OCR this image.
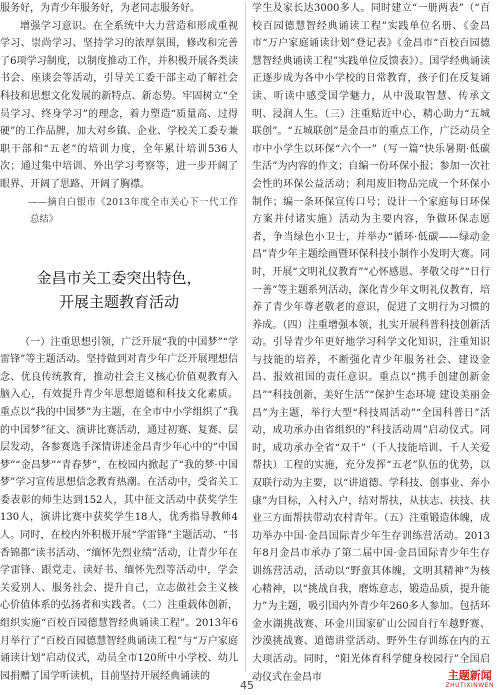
服务好，为青少年服务好，为老同志服务好。

增强学习意识。在全系统中大力营造和形成重视学习、崇尚学习、坚持学习的浓厚氛围，修改和完善了6项学习制度，以制度推动工作，并积极开展各类读书会、座谈会等活动，引导关工委干部主动了解社会科技和思想文化发展的新特点、新态势。牢固树立“全员学习、终身学习”的理念，着力塑造“质量高、过得硬”的工作品牌，加大对乡镇、企业、学校关工委专兼职干部和“五老”的培训力度，全年累计培训536人次；通过集中培训、外出学习考察等，进一步开阔了眼界、开阔了思路、开阔了胸襟。

——摘自白银市《2013年度全市关心下一代工作总结》

金昌市关工委突出特色，
开展主题教育活动

（一）注重思想引领，广泛开展“我的中国梦”“学雷锋”等主题活动。坚持做到对青少年广泛开展理想信念、优良传统教育，推动社会主义核心价值观教育入脑入心，有效提升青少年思想道德和科技文化素质。重点以“我的中国梦”为主题，在全市中小学组织了“我的中国梦”征文、演讲比赛活动，通过初赛、复赛、层层发动，各参赛选手深情讲述金昌青少年心中的“中国梦”“金昌梦”“青春梦”，在校园内掀起了“我的梦·中国梦”学习宣传思想信念教育热潮。在活动中，受省关工委表彰的师生达到152人，其中征文活动中获奖学生130人，演讲比赛中获奖学生18人，优秀指导教师4人。同时，在校内外积极开展“学雷锋”主题活动、“书香锦都”读书活动、“缅怀先烈业绩”活动，让青少年在学雷锋、跟党走、读好书、缅怀先烈等活动中，学会关爱别人、服务社会、提升自己，立志做社会主义核心价值体系的弘扬者和实践者。（二）注重载体创新，组织实施“百校百园德慧智经典诵读工程”。2013年6月举行了“百校百园德慧智经典诵读工程”与“万户家庭诵读计划”启动仪式，动员全市120所中小学校、幼儿园捐赠了国学听读机，目前坚持开展经典诵读的

学生及家长达3000多人。同时建立“一册两表”（“百校百园德慧智经典诵读工程”实践单位名册、《金昌市“万户家庭诵读计划”登记表》《金昌市“百校百园德慧智经典诵读工程”实践单位反馈表》）。国学经典诵读正逐步成为各中小学校的日常教育，孩子们在反复诵读、听读中感受国学魅力，从中汲取智慧、传承文明、浸润人生。（三）注重贴近中心，精心助力“五城联创”。“五城联创”是金昌市的重点工作，广泛动员全市中小学生以环保“六个一”（写一篇“快乐暑期·低碳生活”为内容的作文；自编一份环保小报；参加一次社会性的环保公益活动；利用废旧物品完成一个环保小制作；编一条环保宣传口号；设计一个家庭每日环保方案并付诸实施）活动为主要内容，争做环保志愿者，争当绿色小卫士，并举办“循环·低碳——绿动金昌”青少年主题绘画暨环保科技小制作小发明大赛。同时，开展“文明礼仪教育”“心怀感恩、孝敬父母”“日行一善”等主题系列活动，深化青少年文明礼仪教育，培养了青少年尊老敬老的意识，促进了文明行为习惯的养成。（四）注重增强本领，扎实开展科普科技创新活动。引导青少年更好地学习科学文化知识，注重知识与技能的培养，不断强化青少年服务社会、建设金昌、报效祖国的责任意识。重点以“携手创建创新金昌”“科技创新，美好生活”“保护生态环境 建设美丽金昌”为主题，举行大型“科技周活动”“全国科普日”活动，成功承办由省组织的“科技活动周”启动仪式。同时，成功承办全省“双千”（千人技能培训、千人关爱帮扶）工程的实施，充分发挥“五老”队伍的优势，以双联行动为主要，以“讲道德、学科技、创事业、奔小康”为目标，入村入户，结对帮扶，从扶志、扶技、扶业三方面帮扶带动农村青年。（五）注重锻造体魄，成功举办中国·金昌国际青少年生存训练营活动。2013年8月金昌市承办了第二届中国·金昌国际青少年生存训练营活动，活动以“野蛮其体魄，文明其精神”为核心精神，以“挑战自我，磨炼意志，锻造品质，提升能力”为主题，吸引国内外青少年260多人参加。包括环金水湖挑战赛、环金川国家矿山公园自行车越野赛、沙漠挑战赛、道德讲堂活动、野外生存训练在内的五大项活动。同时，“阳光体育科学健身校园行”全国启动仪式在金昌市

45
主题新闻
ZHUTIXINWEN
